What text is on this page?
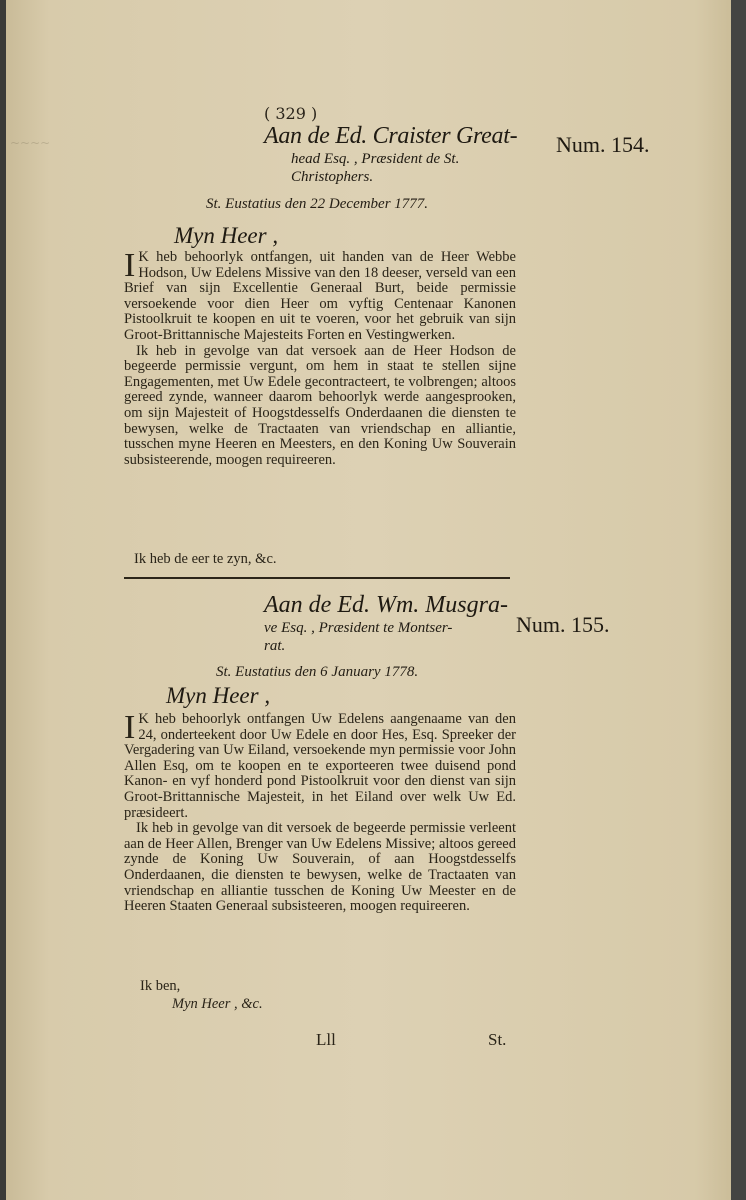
~~~~
( 329 )
Aan de Ed. Craister Great-
head Esq. , Præsident de St.
Christophers.
Num. 154.
St. Eustatius den 22 December 1777.
Myn Heer ,

I K heb behoorlyk ontfangen, uit handen van de Heer Webbe Hodson, Uw Edelens Missive van den 18 deeser, verseld van een Brief van sijn Excellentie Generaal Burt, beide permissie versoekende voor dien Heer om vyftig Centenaar Kanonen Pistoolkruit te koopen en uit te voeren, voor het gebruik van sijn Groot-Brittannische Majesteits Forten en Vestingwerken.

Ik heb in gevolge van dat versoek aan de Heer Hodson de begeerde permissie vergunt, om hem in staat te stellen sijne Engagementen, met Uw Edele gecontracteert, te volbrengen; altoos gereed zynde, wanneer daarom behoorlyk werde aangesprooken, om sijn Majesteit of Hoogstdesselfs Onderdaanen die diensten te bewysen, welke de Tractaaten van vriendschap en alliantie, tusschen myne Heeren en Meesters, en den Koning Uw Souverain subsisteerende, moogen requireeren.

Ik heb de eer te zyn, &c.
Aan de Ed. Wm. Musgra-
ve Esq. , Præsident te Montser-
rat.
Num. 155.
St. Eustatius den 6 January 1778.
Myn Heer ,

I K heb behoorlyk ontfangen Uw Edelens aangenaame van den 24, onderteekent door Uw Edele en door Hes, Esq. Spreeker der Vergadering van Uw Eiland, versoekende myn permissie voor John Allen Esq, om te koopen en te exporteeren twee duisend pond Kanon- en vyf honderd pond Pistoolkruit voor den dienst van sijn Groot-Brittannische Majesteit, in het Eiland over welk Uw Ed. præsideert.

Ik heb in gevolge van dit versoek de begeerde permissie verleent aan de Heer Allen, Brenger van Uw Edelens Missive; altoos gereed zynde de Koning Uw Souverain, of aan Hoogstdesselfs Onderdaanen, die diensten te bewysen, welke de Tractaaten van vriendschap en alliantie tusschen de Koning Uw Meester en de Heeren Staaten Generaal subsisteeren, moogen requireeren.

Ik ben,
Myn Heer , &c.
Lll	St.
